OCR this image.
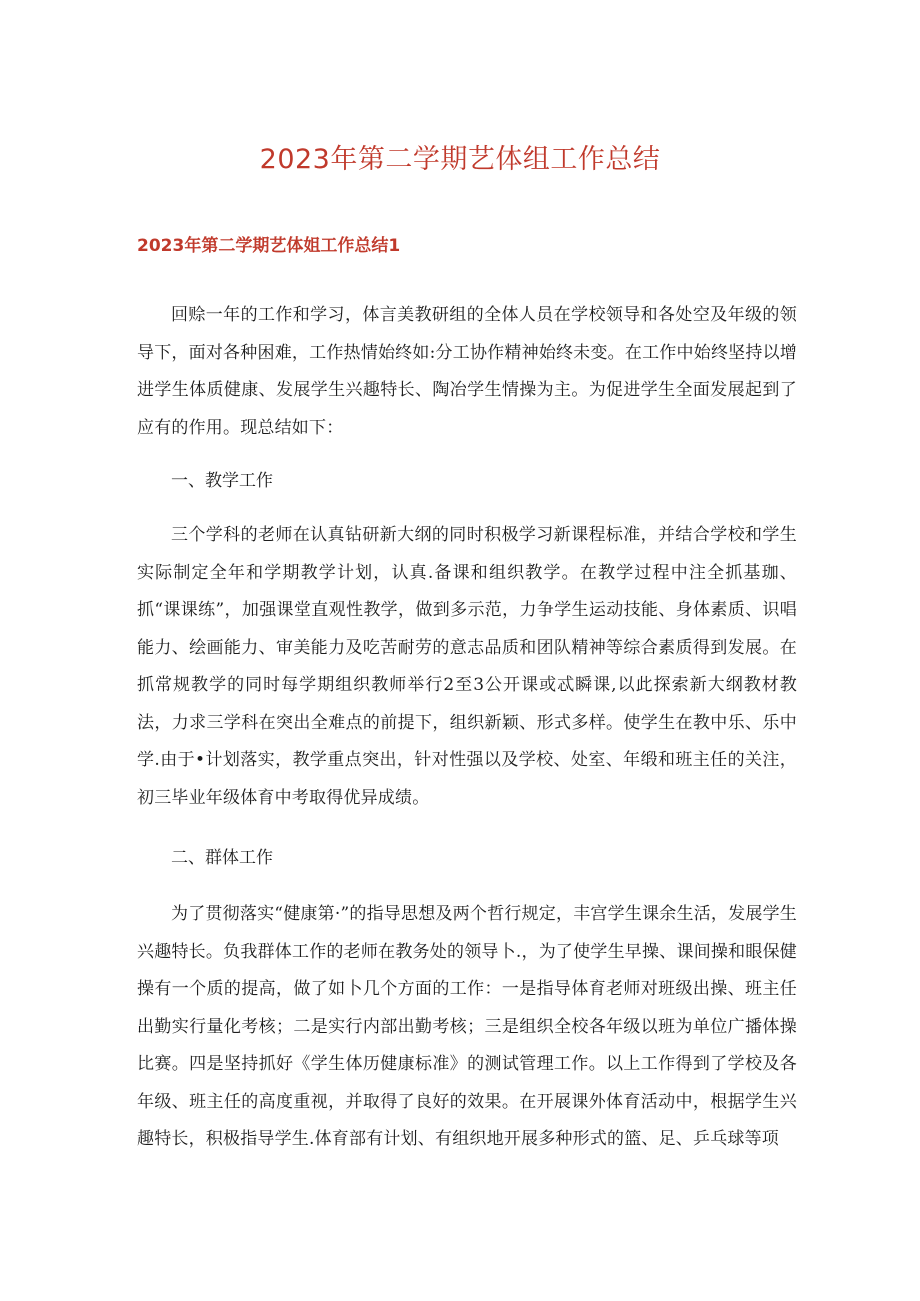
2023年第二学期艺体组工作总结
2023年第二学期艺体姐工作总结1
回赊一年的工作和学习，体言美教研组的全体人员在学校领导和各处空及年级的领导下，面对各种困难，工作热情始终如:分工协作精神始终未变。在工作中始终坚持以增进学生体质健康、发展学生兴趣特长、陶冶学生情操为主。为促进学生全面发展起到了应有的作用。现总结如下：
一、教学工作
三个学科的老师在认真钻研新大纲的同时积极学习新课程标准，并结合学校和学生实际制定全年和学期教学计划，认真.备课和组织教学。在教学过程中注全抓基珈、抓“课课练”，加强课堂直观性教学，做到多示范，力争学生运动技能、身体素质、识唱能力、绘画能力、审美能力及吃苦耐劳的意志品质和团队精神等综合素质得到发展。在抓常规教学的同时每学期组织教师举行2至3公开课或忒瞬课,以此探索新大纲教材教法，力求三学科在突出全难点的前提下，组织新颖、形式多样。使学生在教中乐、乐中学.由于•计划落实，教学重点突出，针对性强以及学校、处室、年缎和班主任的关注，初三毕业年级体育中考取得优异成绩。
二、群体工作
为了贯彻落实“健康第·”的指导思想及两个哲行规定，丰宫学生课余生活，发展学生兴趣特长。负我群体工作的老师在教务处的领导卜.，为了使学生早操、课间操和眼保健操有一个质的提高，做了如卜几个方面的工作：一是指导体育老师对班级出操、班主任出勤实行量化考核；二是实行内部出勤考核；三是组织全校各年级以班为单位广播体操比赛。四是坚持抓好《学生体历健康标准》的测试管理工作。以上工作得到了学校及各年级、班主任的高度重视，并取得了良好的效果。在开展课外体育活动中，根据学生兴趣特长，积极指导学生.体育部有计划、有组织地开展多种形式的篮、足、乒乓球等项
